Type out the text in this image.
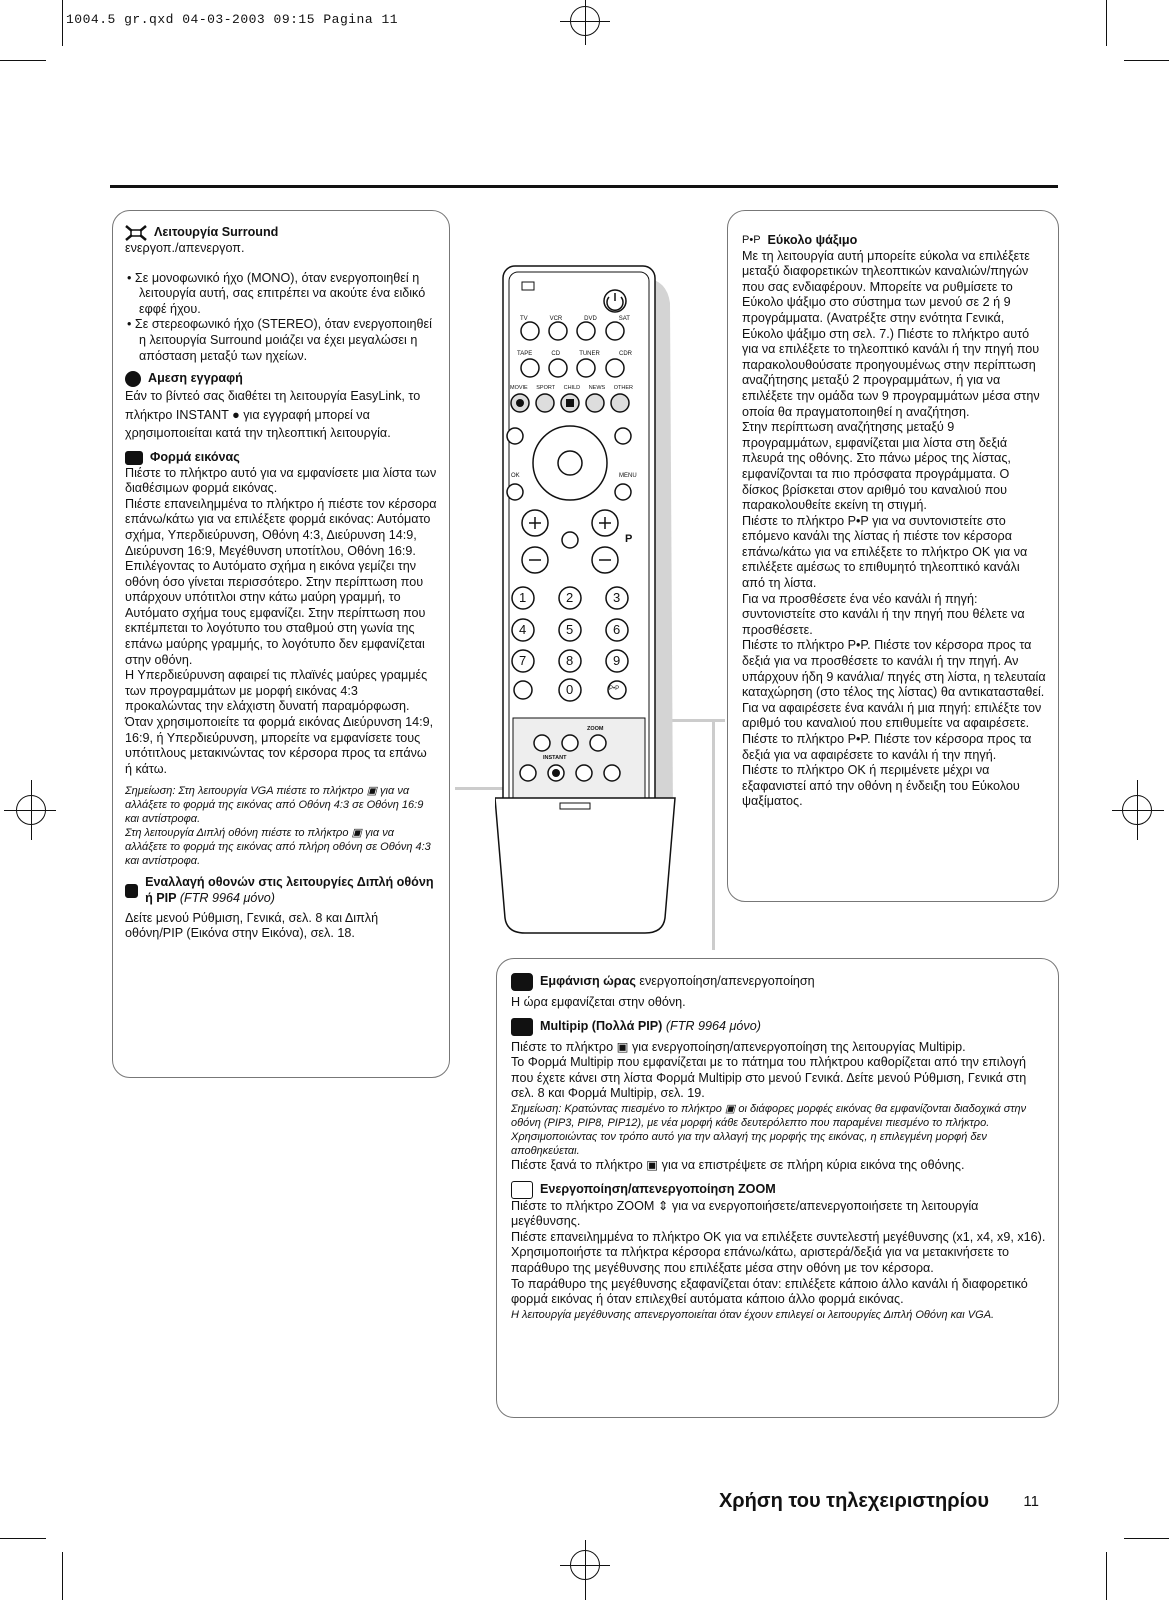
1004.5 gr.qxd 04-03-2003 09:15 Pagina 11

Λειτουργία Surround

ενεργοπ./απενεργοπ.

• Σε μονοφωνικό ήχο (MONO), όταν ενεργοποιηθεί η λειτουργία αυτή, σας επιτρέπει να ακούτε ένα ειδικό εφφέ ήχου.

• Σε στερεοφωνικό ήχο (STEREO), όταν ενεργοποιηθεί η λειτουργία Surround μοιάζει να έχει μεγαλώσει η απόσταση μεταξύ των ηχείων.

Αμεση εγγραφή

Εάν το βίντεό σας διαθέτει τη λειτουργία EasyLink, το πλήκτρο INSTANT ● για εγγραφή μπορεί να χρησιμοποιείται κατά την τηλεοπτική λειτουργία.

Φορμά εικόνας

Πιέστε το πλήκτρο αυτό για να εμφανίσετε μια λίστα των διαθέσιμων φορμά εικόνας.

Πιέστε επανειλημμένα το πλήκτρο ή πιέστε τον κέρσορα επάνω/κάτω για να επιλέξετε φορμά εικόνας: Αυτόματο σχήμα, Υπερδιεύρυνση, Οθόνη 4:3, Διεύρυνση 14:9, Διεύρυνση 16:9, Μεγέθυνση υποτίτλου, Οθόνη 16:9.

Επιλέγοντας το Αυτόματο σχήμα η εικόνα γεμίζει την οθόνη όσο γίνεται περισσότερο. Στην περίπτωση που υπάρχουν υπότιτλοι στην κάτω μαύρη γραμμή, το Αυτόματο σχήμα τους εμφανίζει. Στην περίπτωση που εκπέμπεται το λογότυπο του σταθμού στη γωνία της επάνω μαύρης γραμμής, το λογότυπο δεν εμφανίζεται στην οθόνη.

Η Υπερδιεύρυνση αφαιρεί τις πλαϊνές μαύρες γραμμές των προγραμμάτων με μορφή εικόνας 4:3 προκαλώντας την ελάχιστη δυνατή παραμόρφωση.

Όταν χρησιμοποιείτε τα φορμά εικόνας Διεύρυνση 14:9, 16:9, ή Υπερδιεύρυνση, μπορείτε να εμφανίσετε τους υπότιτλους μετακινώντας τον κέρσορα προς τα επάνω ή κάτω.

Σημείωση: Στη λειτουργία VGA πιέστε το πλήκτρο ▣ για να αλλάξετε το φορμά της εικόνας από Οθόνη 4:3 σε Οθόνη 16:9 και αντίστροφα.

Στη λειτουργία Διπλή οθόνη πιέστε το πλήκτρο ▣ για να αλλάξετε το φορμά της εικόνας από πλήρη οθόνη σε Οθόνη 4:3 και αντίστροφα.

Εναλλαγή οθονών στις λειτουργίες Διπλή οθόνη ή PIP (FTR 9964 μόνο)

Δείτε μενού Ρύθμιση, Γενικά, σελ. 8 και Διπλή οθόνη/PIP (Εικόνα στην Εικόνα), σελ. 18.

P•P Εύκολο ψάξιμο

Με τη λειτουργία αυτή μπορείτε εύκολα να επιλέξετε μεταξύ διαφορετικών τηλεοπτικών καναλιών/πηγών που σας ενδιαφέρουν. Μπορείτε να ρυθμίσετε το Εύκολο ψάξιμο στο σύστημα των μενού σε 2 ή 9 προγράμματα. (Ανατρέξτε στην ενότητα Γενικά, Εύκολο ψάξιμο στη σελ. 7.) Πιέστε το πλήκτρο αυτό για να επιλέξετε το τηλεοπτικό κανάλι ή την πηγή που παρακολουθούσατε προηγουμένως στην περίπτωση αναζήτησης μεταξύ 2 προγραμμάτων, ή για να επιλέξετε την ομάδα των 9 προγραμμάτων μέσα στην οποία θα πραγματοποιηθεί η αναζήτηση.

Στην περίπτωση αναζήτησης μεταξύ 9 προγραμμάτων, εμφανίζεται μια λίστα στη δεξιά πλευρά της οθόνης. Στο πάνω μέρος της λίστας, εμφανίζονται τα πιο πρόσφατα προγράμματα. Ο δίσκος βρίσκεται στον αριθμό του καναλιού που παρακολουθείτε εκείνη τη στιγμή.

Πιέστε το πλήκτρο P•P για να συντονιστείτε στο επόμενο κανάλι της λίστας ή πιέστε τον κέρσορα επάνω/κάτω για να επιλέξετε το πλήκτρο OK για να επιλέξετε αμέσως το επιθυμητό τηλεοπτικό κανάλι από τη λίστα.

Για να προσθέσετε ένα νέο κανάλι ή πηγή: συντονιστείτε στο κανάλι ή την πηγή που θέλετε να προσθέσετε.

Πιέστε το πλήκτρο P•P. Πιέστε τον κέρσορα προς τα δεξιά για να προσθέσετε το κανάλι ή την πηγή. Αν υπάρχουν ήδη 9 κανάλια/ πηγές στη λίστα, η τελευταία καταχώρηση (στο τέλος της λίστας) θα αντικατασταθεί.

Για να αφαιρέσετε ένα κανάλι ή μια πηγή: επιλέξτε τον αριθμό του καναλιού που επιθυμείτε να αφαιρέσετε.

Πιέστε το πλήκτρο P•P. Πιέστε τον κέρσορα προς τα δεξιά για να αφαιρέσετε το κανάλι ή την πηγή.

Πιέστε το πλήκτρο OK ή περιμένετε μέχρι να εξαφανιστεί από την οθόνη η ένδειξη του Εύκολου ψαξίματος.

TV	VCR	DVD	SAT
TAPE	CD	TUNER	CDR
MOVIE SPORT CHILD NEWS OTHER
OK	MENU
P
1	2	3
4	5	6
7	8	9
0	P•P
ZOOM
INSTANT

Εμφάνιση ώρας ενεργοποίηση/απενεργοποίηση

Η ώρα εμφανίζεται στην οθόνη.

Multipip (Πολλά PIP) (FTR 9964 μόνο)

Πιέστε το πλήκτρο ▣ για ενεργοποίηση/απενεργοποίηση της λειτουργίας Multipip.

Το Φορμά Multipip που εμφανίζεται με το πάτημα του πλήκτρου καθορίζεται από την επιλογή που έχετε κάνει στη λίστα Φορμά Multipip στο μενού Γενικά. Δείτε μενού Ρύθμιση, Γενικά στη σελ. 8 και Φορμά Multipip, σελ. 19.

Σημείωση: Κρατώντας πιεσμένο το πλήκτρο ▣ οι διάφορες μορφές εικόνας θα εμφανίζονται διαδοχικά στην οθόνη (PIP3, PIP8, PIP12), με νέα μορφή κάθε δευτερόλεπτο που παραμένει πιεσμένο το πλήκτρο. Χρησιμοποιώντας τον τρόπο αυτό για την αλλαγή της μορφής της εικόνας, η επιλεγμένη μορφή δεν αποθηκεύεται.

Πιέστε ξανά το πλήκτρο ▣ για να επιστρέψετε σε πλήρη κύρια εικόνα της οθόνης.

Ενεργοποίηση/απενεργοποίηση ZOOM

Πιέστε το πλήκτρο ZOOM ⇕ για να ενεργοποιήσετε/απενεργοποιήσετε τη λειτουργία μεγέθυνσης.

Πιέστε επανειλημμένα το πλήκτρο OK για να επιλέξετε συντελεστή μεγέθυνσης (x1, x4, x9, x16). Χρησιμοποιήστε τα πλήκτρα κέρσορα επάνω/κάτω, αριστερά/δεξιά για να μετακινήσετε το παράθυρο της μεγέθυνσης που επιλέξατε μέσα στην οθόνη με τον κέρσορα.

Το παράθυρο της μεγέθυνσης εξαφανίζεται όταν: επιλέξετε κάποιο άλλο κανάλι ή διαφορετικό φορμά εικόνας ή όταν επιλεχθεί αυτόματα κάποιο άλλο φορμά εικόνας.

Η λειτουργία μεγέθυνσης απενεργοποιείται όταν έχουν επιλεγεί οι λειτουργίες Διπλή Οθόνη και VGA.

Χρήση του τηλεχειριστηρίου 11
